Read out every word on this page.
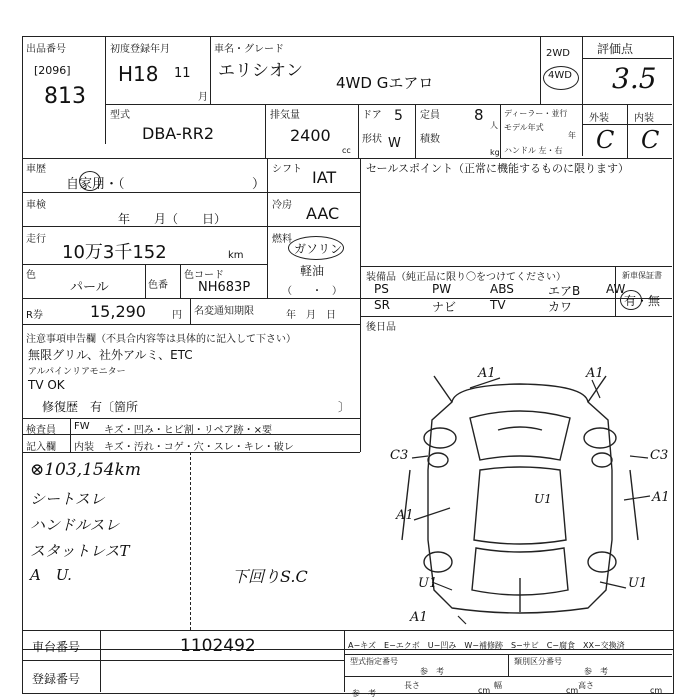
出品番号
[2096]
813
初度登録年月
H18 11
月
車名・グレード
エリシオン
4WD Gエアロ
2WD
4WD
評価点
3.5
型式
DBA-RR2
排気量
2400
cc
ドア 5
形状 W
定員 8
人
積数
kg
ディーラー・並行
モデル年式
年
ハンドル 左・右
外装	内装
C C
車歴
自家用・（	）
車検
年　　月（　　日）
走行
10万3千152	km
色
パール	色番
色コード
NH683P
R券	15,290	円 名変通知期限	年　月　日
シフト IAT
冷房 AAC
燃料
ガソリン
軽油
（　　・　）
セールスポイント（正常に機能するものに限ります）
装備品（純正品に限り〇をつけてください）
PS	PW	ABS	エアB AW
SR	ナビ	TV	カワ
新車保証書
有・無
後日品
注意事項申告欄（不具合内容等は具体的に記入して下さい）
無限グリル、社外アルミ、ETC
アルパインリアモニター
TV OK
修復歴　有〔箇所	〕
検査員
記入欄
FW キズ・凹み・ヒビ割・リペア跡・×要
内装 キズ・汚れ・コゲ・穴・スレ・キレ・破レ
⊗103,154km
シートスレ
ハンドルスレ
スタットレスT
A　U.	下回りS.C
A1	A1
C3	C3
A1
A1
U1
A1
U1	U1
車台番号	1102492
登録番号
A−キズ　E−エクボ　U−凹み　W−補修跡　S−サビ　C−腐食　XX−交換済
型式指定番号
参　考
類別区分番号
参　考
参　考
長さ
cm
幅
cm
高さ
cm
